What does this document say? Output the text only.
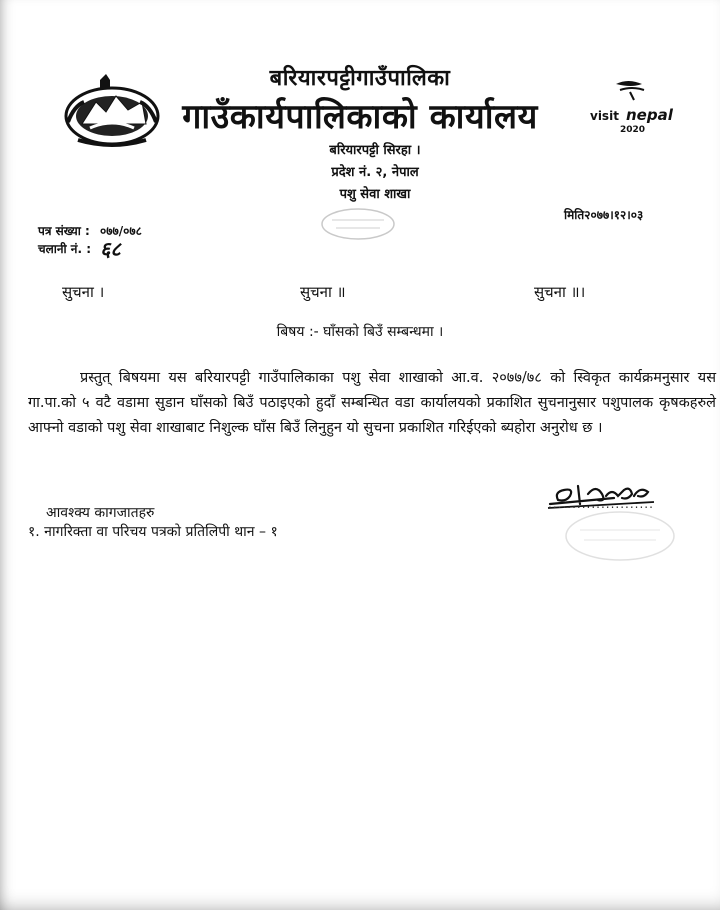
visit nepal
2020
बरियारपट्टीगाउँपालिका
गाउँकार्यपालिकाको कार्यालय
बरियारपट्टी सिरहा ।
प्रदेश नं. २, नेपाल
पशु सेवा शाखा
मिति२०७७।१२।०३
पत्र संख्या : ०७७/०७८
चलानी नं. : ६८
सुचना ।	सुचना ॥	सुचना ॥।
बिषय :- घाँसको बिउँ सम्बन्धमा ।
प्रस्तुत् बिषयमा यस बरियारपट्टी गाउँपालिकाका पशु सेवा शाखाको आ.व. २०७७/७८ को स्विकृत कार्यक्रमनुसार यस गा.पा.को ५ वटै वडामा सुडान घाँसको बिउँ पठाइएको हुदाँ सम्बन्धित वडा कार्यालयको प्रकाशित सुचनानुसार पशुपालक कृषकहरुले आफ्नो वडाको पशु सेवा शाखाबाट निशुल्क घाँस बिउँ लिनुहुन यो सुचना प्रकाशित गरिईएको ब्यहोरा अनुरोध छ ।
......................
आवश्क्य कागजातहरु
१. नागरिक्ता वा परिचय पत्रको प्रतिलिपी थान – १
